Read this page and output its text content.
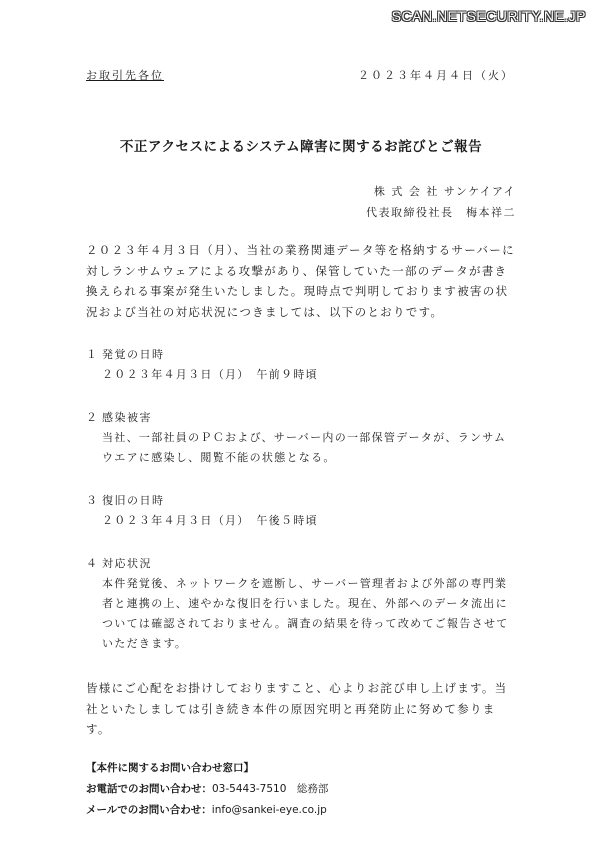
SCAN.NETSECURITY.NE.JP
お取引先各位	２０２３年４月４日（火）
不正アクセスによるシステム障害に関するお詫びとご報告
株 式 会 社 サンケイアイ
代表取締役社長　梅本祥二
２０２３年４月３日（月）、当社の業務関連データ等を格納するサーバーに対しランサムウェアによる攻撃があり、保管していた一部のデータが書き換えられる事案が発生いたしました。現時点で判明しております被害の状況および当社の対応状況につきましては、以下のとおりです。
１ 発覚の日時
２０２３年４月３日（月）　午前９時頃
２ 感染被害
当社、一部社員のＰＣおよび、サーバー内の一部保管データが、ランサムウエアに感染し、閲覧不能の状態となる。
３ 復旧の日時
２０２３年４月３日（月）　午後５時頃
４ 対応状況
本件発覚後、ネットワークを遮断し、サーバー管理者および外部の専門業者と連携の上、速やかな復旧を行いました。現在、外部へのデータ流出については確認されておりません。調査の結果を待って改めてご報告させていただきます。
皆様にご心配をお掛けしておりますこと、心よりお詫び申し上げます。当社といたしましては引き続き本件の原因究明と再発防止に努めて参ります。
【本件に関するお問い合わせ窓口】
お電話でのお問い合わせ：03-5443-7510　総務部
メールでのお問い合わせ：info@sankei-eye.co.jp
